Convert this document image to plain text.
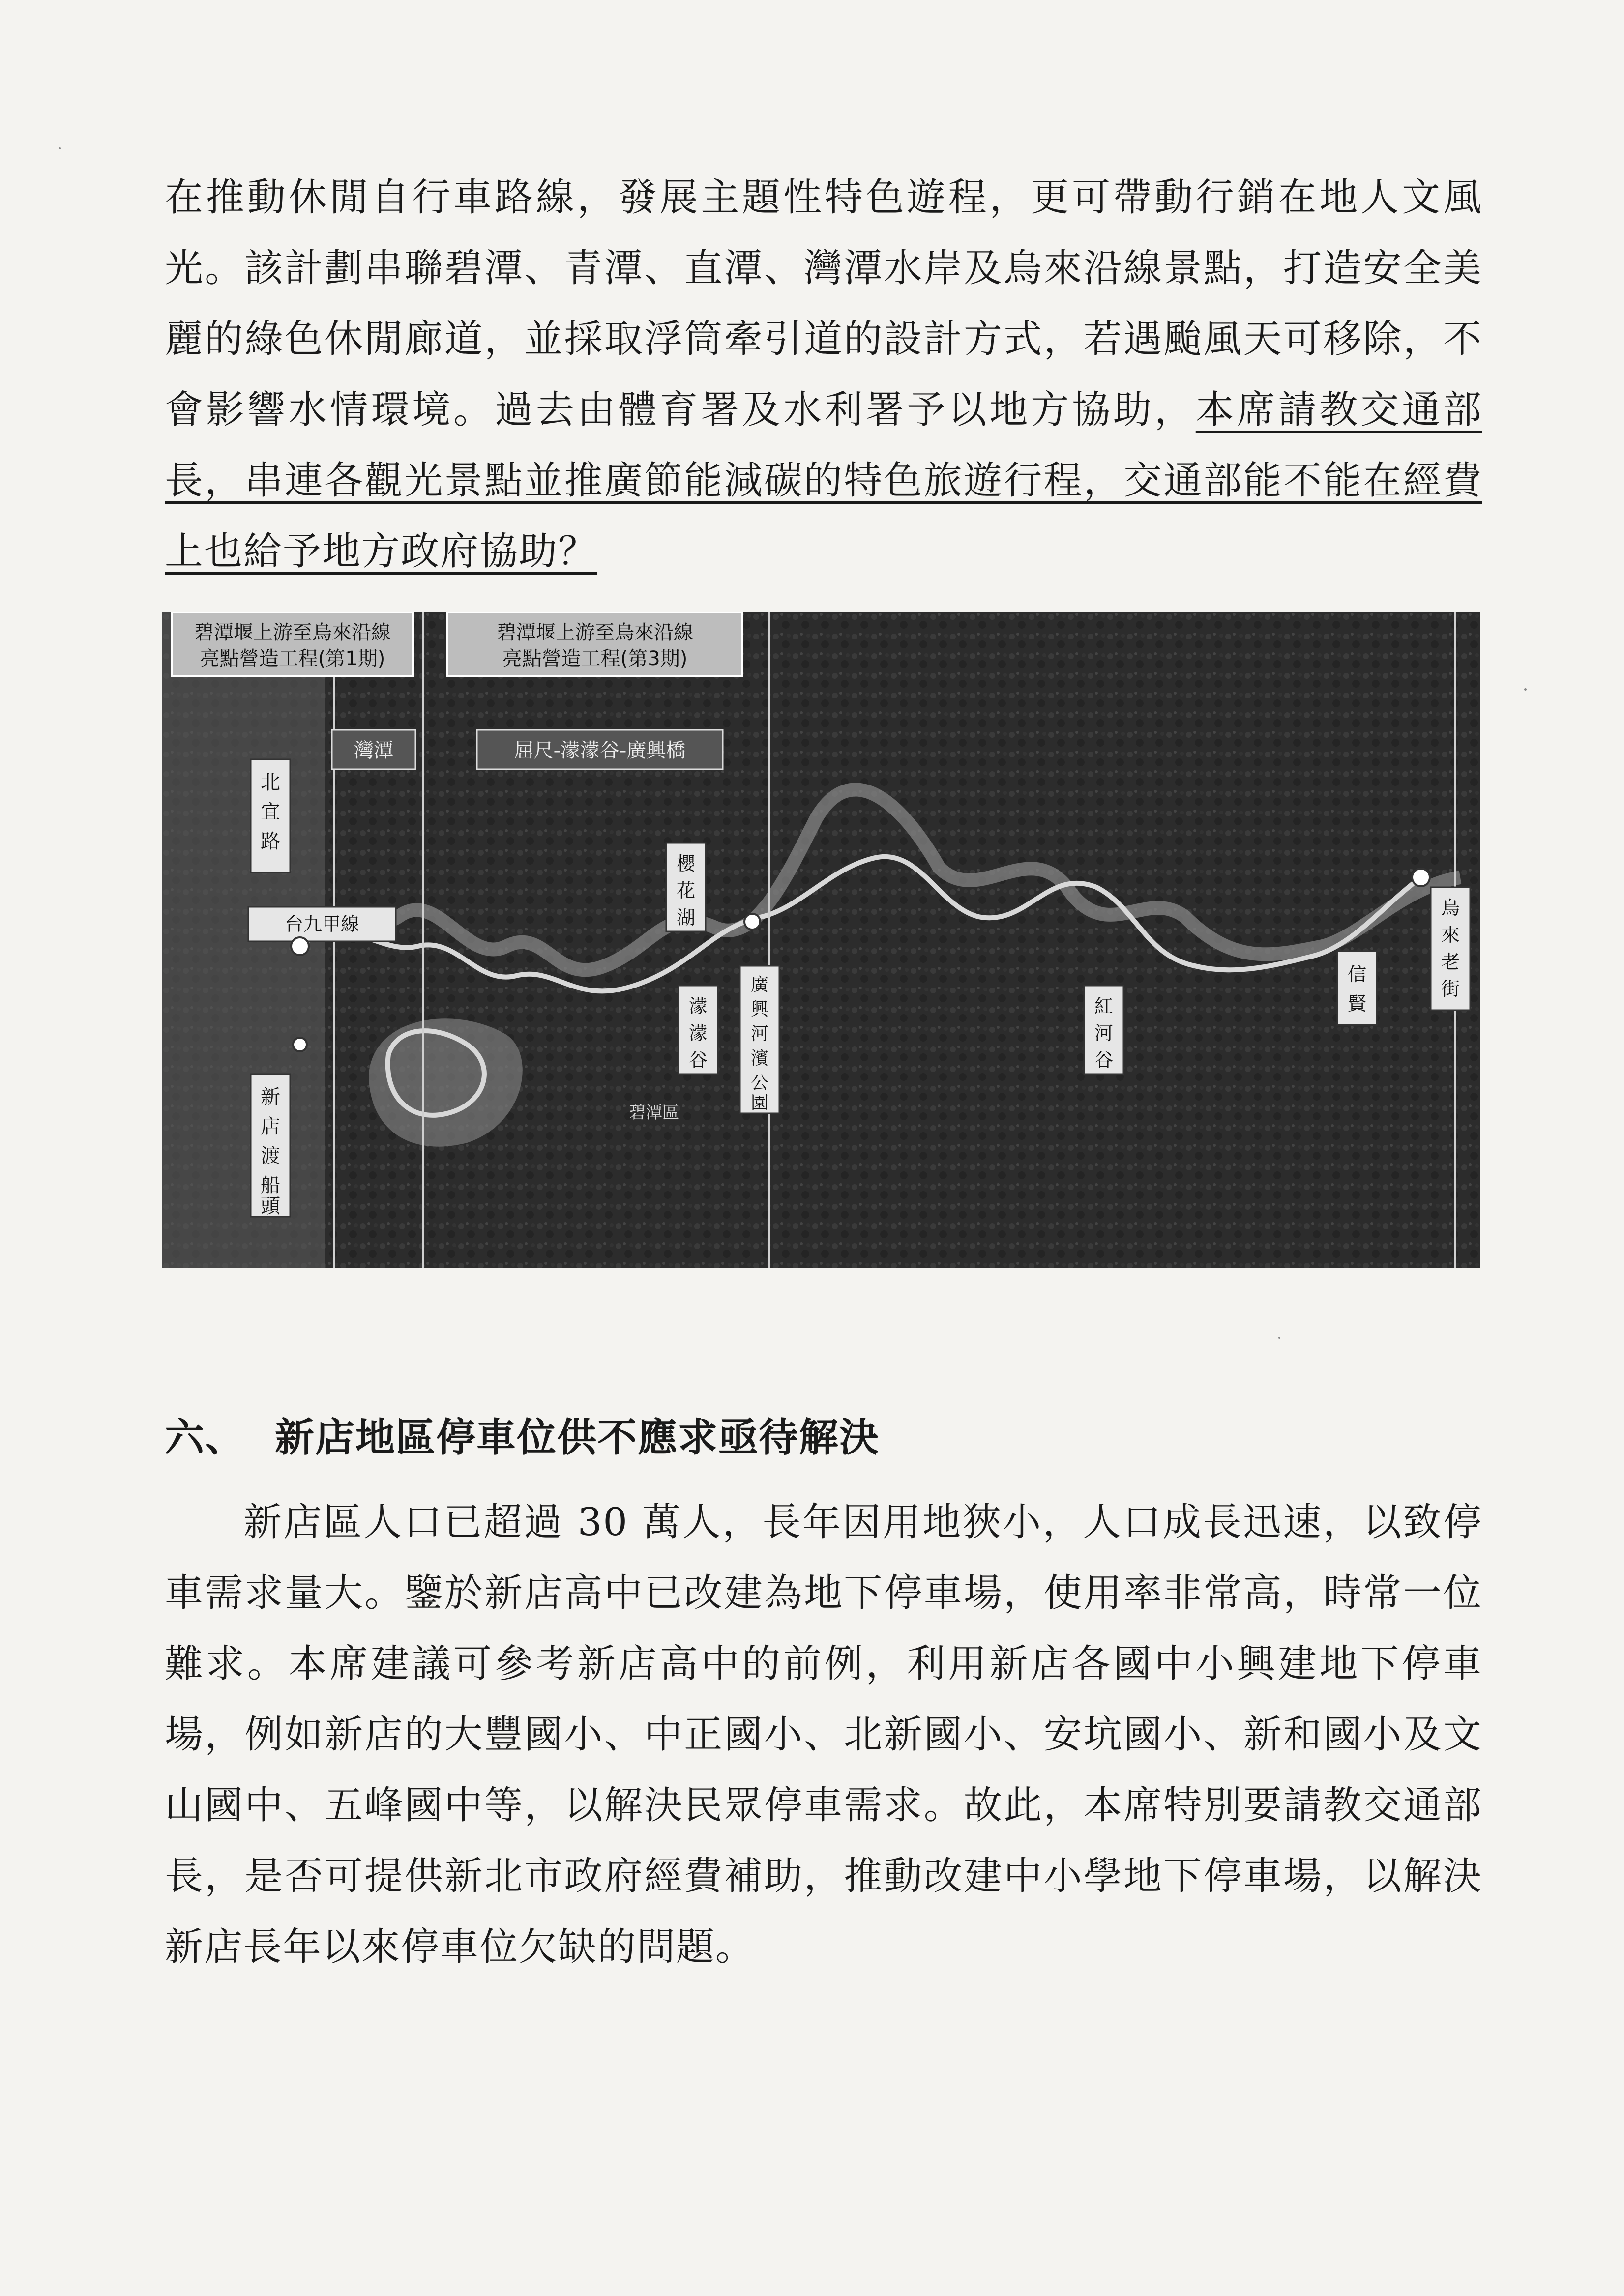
在推動休閒自行車路線，發展主題性特色遊程，更可帶動行銷在地人文風光。該計劃串聯碧潭、青潭、直潭、灣潭水岸及烏來沿線景點，打造安全美麗的綠色休閒廊道，並採取浮筒牽引道的設計方式，若遇颱風天可移除，不會影響水情環境。過去由體育署及水利署予以地方協助，本席請教交通部長，串連各觀光景點並推廣節能減碳的特色旅遊行程，交通部能不能在經費上也給予地方政府協助？

碧潭堰上游至烏來沿線
亮點營造工程(第1期)
碧潭堰上游至烏來沿線
亮點營造工程(第3期)
灣潭	屈尺-濛濛谷-廣興橋
台九甲線
北
宜
路
新
店
渡
船
頭
櫻
花
湖
濛
濛
谷
廣
興
河
濱
公
園
紅
河
谷
信
賢
烏
來
老
街
碧潭區
六、 新店地區停車位供不應求亟待解決

新店區人口已超過 30 萬人，長年因用地狹小，人口成長迅速，以致停車需求量大。鑒於新店高中已改建為地下停車場，使用率非常高，時常一位難求。本席建議可參考新店高中的前例，利用新店各國中小興建地下停車場，例如新店的大豐國小、中正國小、北新國小、安坑國小、新和國小及文山國中、五峰國中等，以解決民眾停車需求。故此，本席特別要請教交通部長，是否可提供新北市政府經費補助，推動改建中小學地下停車場，以解決新店長年以來停車位欠缺的問題。
